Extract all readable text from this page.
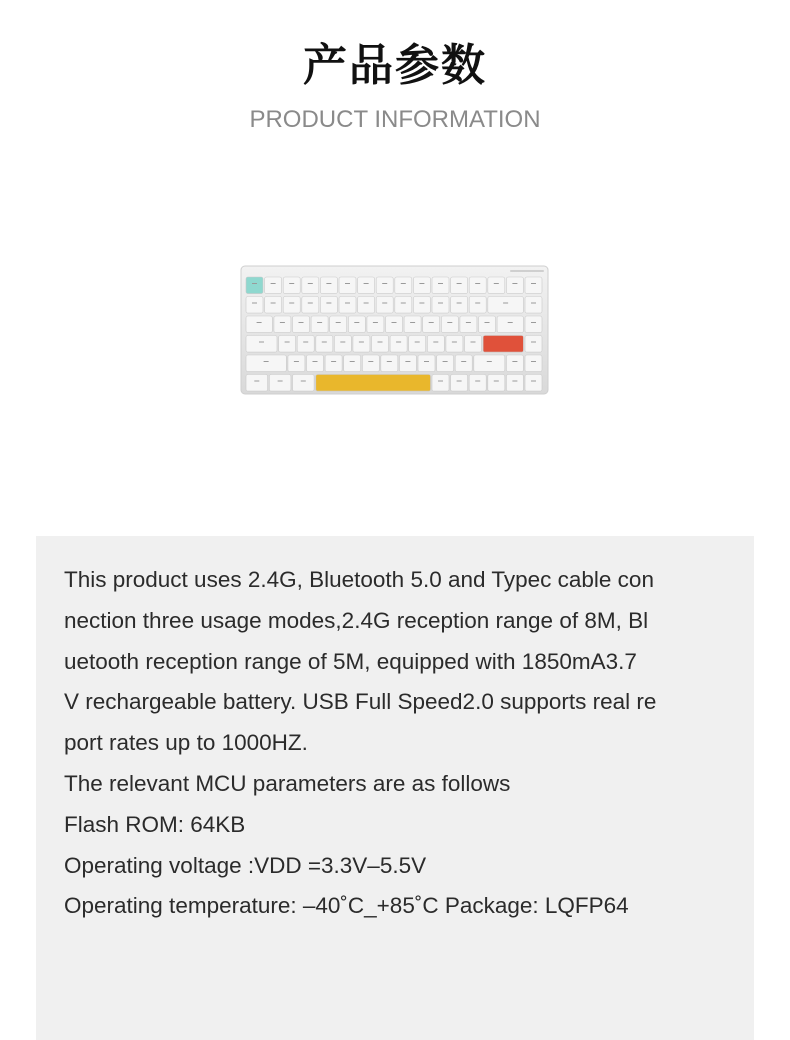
产品参数
PRODUCT INFORMATION
This product uses 2.4G, Bluetooth 5.0 and Typec cable con
nection three usage modes,2.4G reception range of 8M, Bl
uetooth reception range of 5M, equipped with 1850mA3.7
V rechargeable battery. USB Full Speed2.0 supports real re
port rates up to 1000HZ.
The relevant MCU parameters are as follows
Flash ROM: 64KB
Operating voltage :VDD =3.3V–5.5V
Operating temperature: –40˚C_+85˚C Package: LQFP64
